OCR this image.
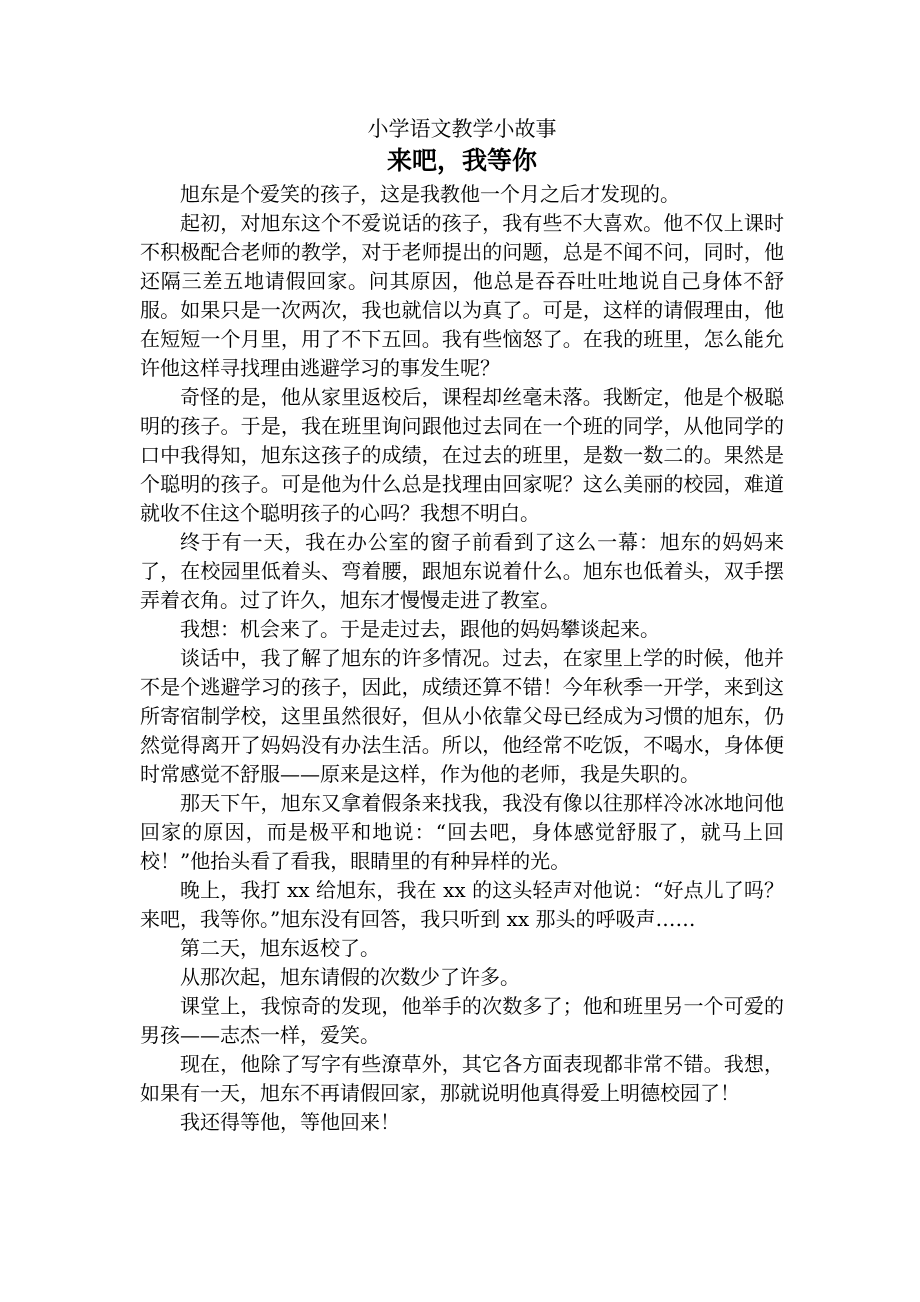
小学语文教学小故事
来吧，我等你

旭东是个爱笑的孩子，这是我教他一个月之后才发现的。

起初，对旭东这个不爱说话的孩子，我有些不大喜欢。他不仅上课时不积极配合老师的教学，对于老师提出的问题，总是不闻不问，同时，他还隔三差五地请假回家。问其原因，他总是吞吞吐吐地说自己身体不舒服。如果只是一次两次，我也就信以为真了。可是，这样的请假理由，他在短短一个月里，用了不下五回。我有些恼怒了。在我的班里，怎么能允许他这样寻找理由逃避学习的事发生呢？

奇怪的是，他从家里返校后，课程却丝毫未落。我断定，他是个极聪明的孩子。于是，我在班里询问跟他过去同在一个班的同学，从他同学的口中我得知，旭东这孩子的成绩，在过去的班里，是数一数二的。果然是个聪明的孩子。可是他为什么总是找理由回家呢？这么美丽的校园，难道就收不住这个聪明孩子的心吗？我想不明白。

终于有一天，我在办公室的窗子前看到了这么一幕：旭东的妈妈来了，在校园里低着头、弯着腰，跟旭东说着什么。旭东也低着头，双手摆弄着衣角。过了许久，旭东才慢慢走进了教室。

我想：机会来了。于是走过去，跟他的妈妈攀谈起来。

谈话中，我了解了旭东的许多情况。过去，在家里上学的时候，他并不是个逃避学习的孩子，因此，成绩还算不错！今年秋季一开学，来到这所寄宿制学校，这里虽然很好，但从小依靠父母已经成为习惯的旭东，仍然觉得离开了妈妈没有办法生活。所以，他经常不吃饭，不喝水，身体便时常感觉不舒服——原来是这样，作为他的老师，我是失职的。

那天下午，旭东又拿着假条来找我，我没有像以往那样冷冰冰地问他回家的原因，而是极平和地说：“回去吧，身体感觉舒服了，就马上回校！”他抬头看了看我，眼睛里的有种异样的光。

晚上，我打 xx 给旭东，我在 xx 的这头轻声对他说：“好点儿了吗？来吧，我等你。”旭东没有回答，我只听到 xx 那头的呼吸声……

第二天，旭东返校了。

从那次起，旭东请假的次数少了许多。

课堂上，我惊奇的发现，他举手的次数多了；他和班里另一个可爱的男孩——志杰一样，爱笑。

现在，他除了写字有些潦草外，其它各方面表现都非常不错。我想，如果有一天，旭东不再请假回家，那就说明他真得爱上明德校园了！

我还得等他，等他回来！
